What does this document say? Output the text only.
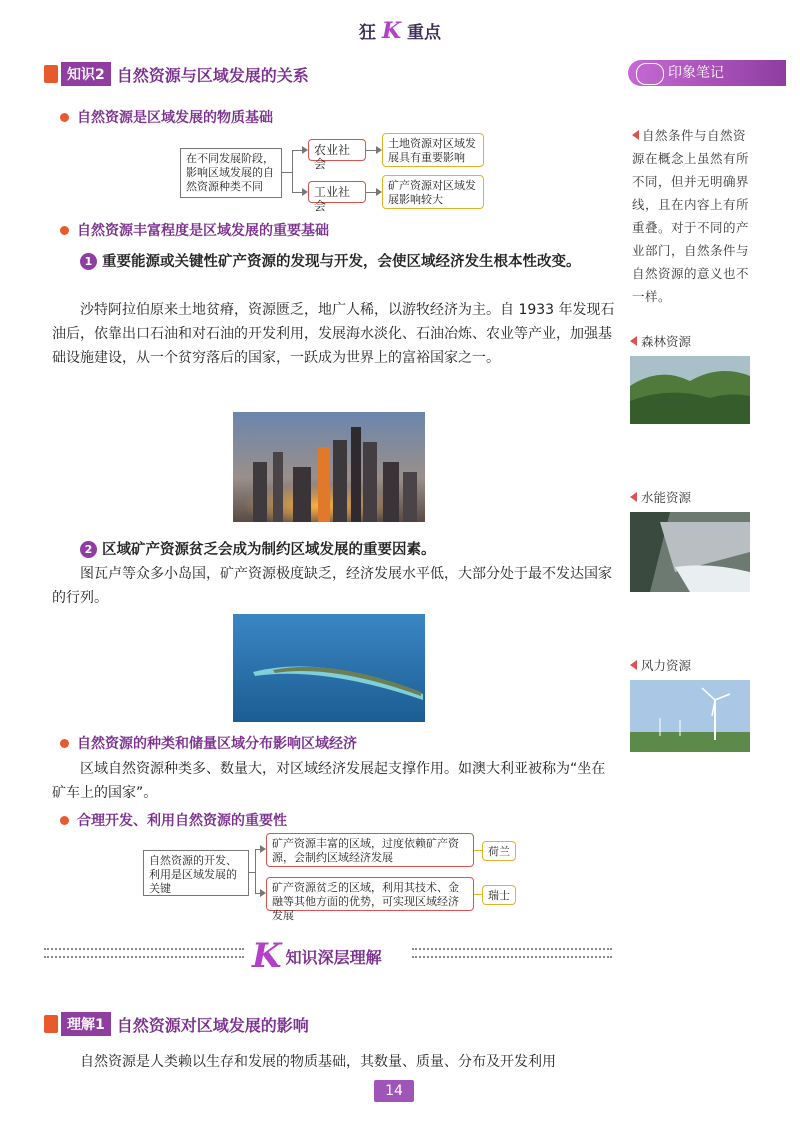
狂 K 重点
知识2 自然资源与区域发展的关系
自然资源是区域发展的物质基础
在不同发展阶段，影响区域发展的自然资源种类不同
农业社会
工业社会
土地资源对区域发展具有重要影响
矿产资源对区域发展影响较大
自然资源丰富程度是区域发展的重要基础
1 重要能源或关键性矿产资源的发现与开发，会使区域经济发生根本性改变。
沙特阿拉伯原来土地贫瘠，资源匮乏，地广人稀，以游牧经济为主。自 1933 年发现石油后，依靠出口石油和对石油的开发利用，发展海水淡化、石油冶炼、农业等产业，加强基础设施建设，从一个贫穷落后的国家，一跃成为世界上的富裕国家之一。
2 区域矿产资源贫乏会成为制约区域发展的重要因素。
图瓦卢等众多小岛国，矿产资源极度缺乏，经济发展水平低，大部分处于最不发达国家的行列。
自然资源的种类和储量区域分布影响区域经济
区域自然资源种类多、数量大，对区域经济发展起支撑作用。如澳大利亚被称为“坐在矿车上的国家”。
合理开发、利用自然资源的重要性
自然资源的开发、利用是区域发展的关键
矿产资源丰富的区域，过度依赖矿产资源，会制约区域经济发展
矿产资源贫乏的区域，利用其技术、金融等其他方面的优势，可实现区域经济发展
荷兰
瑞士
K 知识深层理解
理解1 自然资源对区域发展的影响
自然资源是人类赖以生存和发展的物质基础，其数量、质量、分布及开发利用
印象笔记
自然条件与自然资源在概念上虽然有所不同，但并无明确界线，且在内容上有所重叠。对于不同的产业部门，自然条件与自然资源的意义也不一样。
森林资源
水能资源
风力资源
14
